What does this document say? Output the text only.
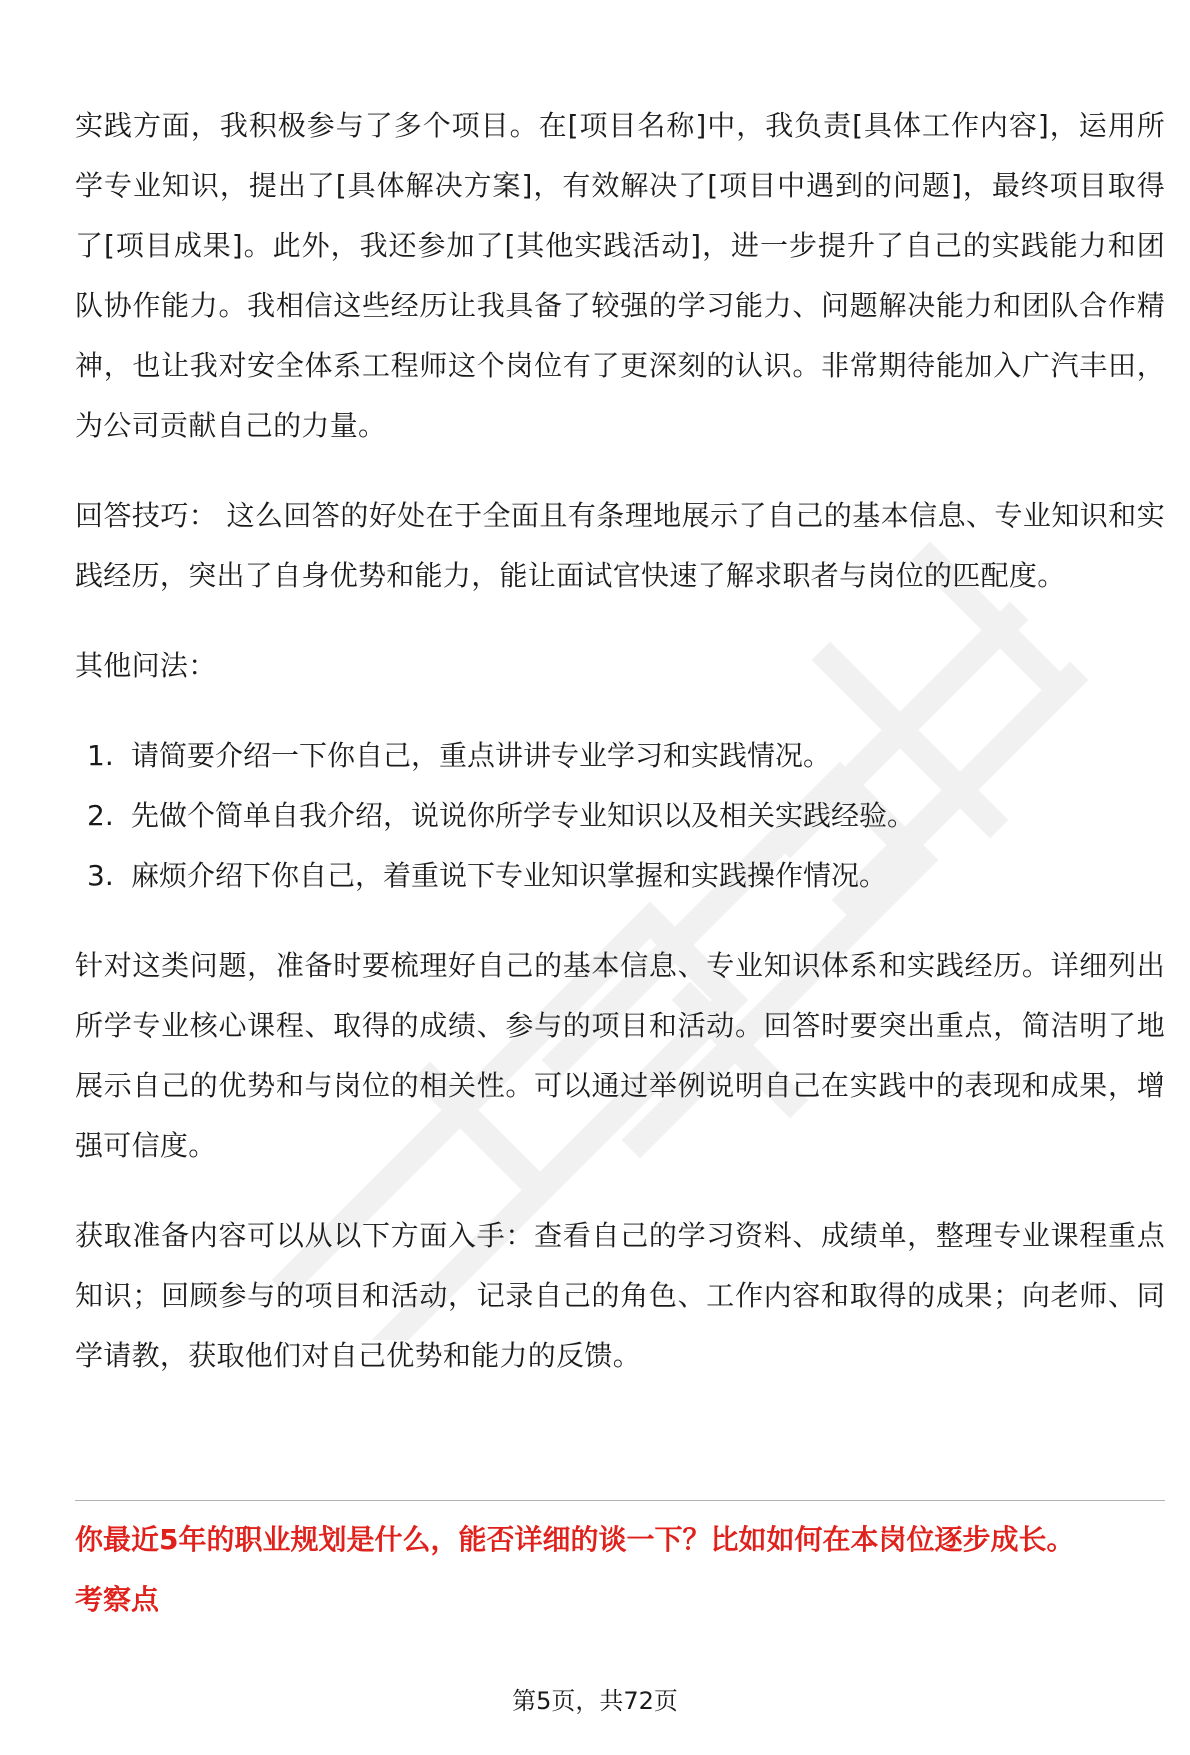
实践方面，我积极参与了多个项目。在[项目名称]中，我负责[具体工作内容]，运用所学专业知识，提出了[具体解决方案]，有效解决了[项目中遇到的问题]，最终项目取得了[项目成果]。此外，我还参加了[其他实践活动]，进一步提升了自己的实践能力和团队协作能力。我相信这些经历让我具备了较强的学习能力、问题解决能力和团队合作精神，也让我对安全体系工程师这个岗位有了更深刻的认识。非常期待能加入广汽丰田，为公司贡献自己的力量。

回答技巧： 这么回答的好处在于全面且有条理地展示了自己的基本信息、专业知识和实践经历，突出了自身优势和能力，能让面试官快速了解求职者与岗位的匹配度。

其他问法：

1. 请简要介绍一下你自己，重点讲讲专业学习和实践情况。
2. 先做个简单自我介绍，说说你所学专业知识以及相关实践经验。
3. 麻烦介绍下你自己，着重说下专业知识掌握和实践操作情况。

针对这类问题，准备时要梳理好自己的基本信息、专业知识体系和实践经历。详细列出所学专业核心课程、取得的成绩、参与的项目和活动。回答时要突出重点，简洁明了地展示自己的优势和与岗位的相关性。可以通过举例说明自己在实践中的表现和成果，增强可信度。

获取准备内容可以从以下方面入手：查看自己的学习资料、成绩单，整理专业课程重点知识；回顾参与的项目和活动，记录自己的角色、工作内容和取得的成果；向老师、同学请教，获取他们对自己优势和能力的反馈。

你最近5年的职业规划是什么，能否详细的谈一下？比如如何在本岗位逐步成长。
考察点
第5页，共72页
